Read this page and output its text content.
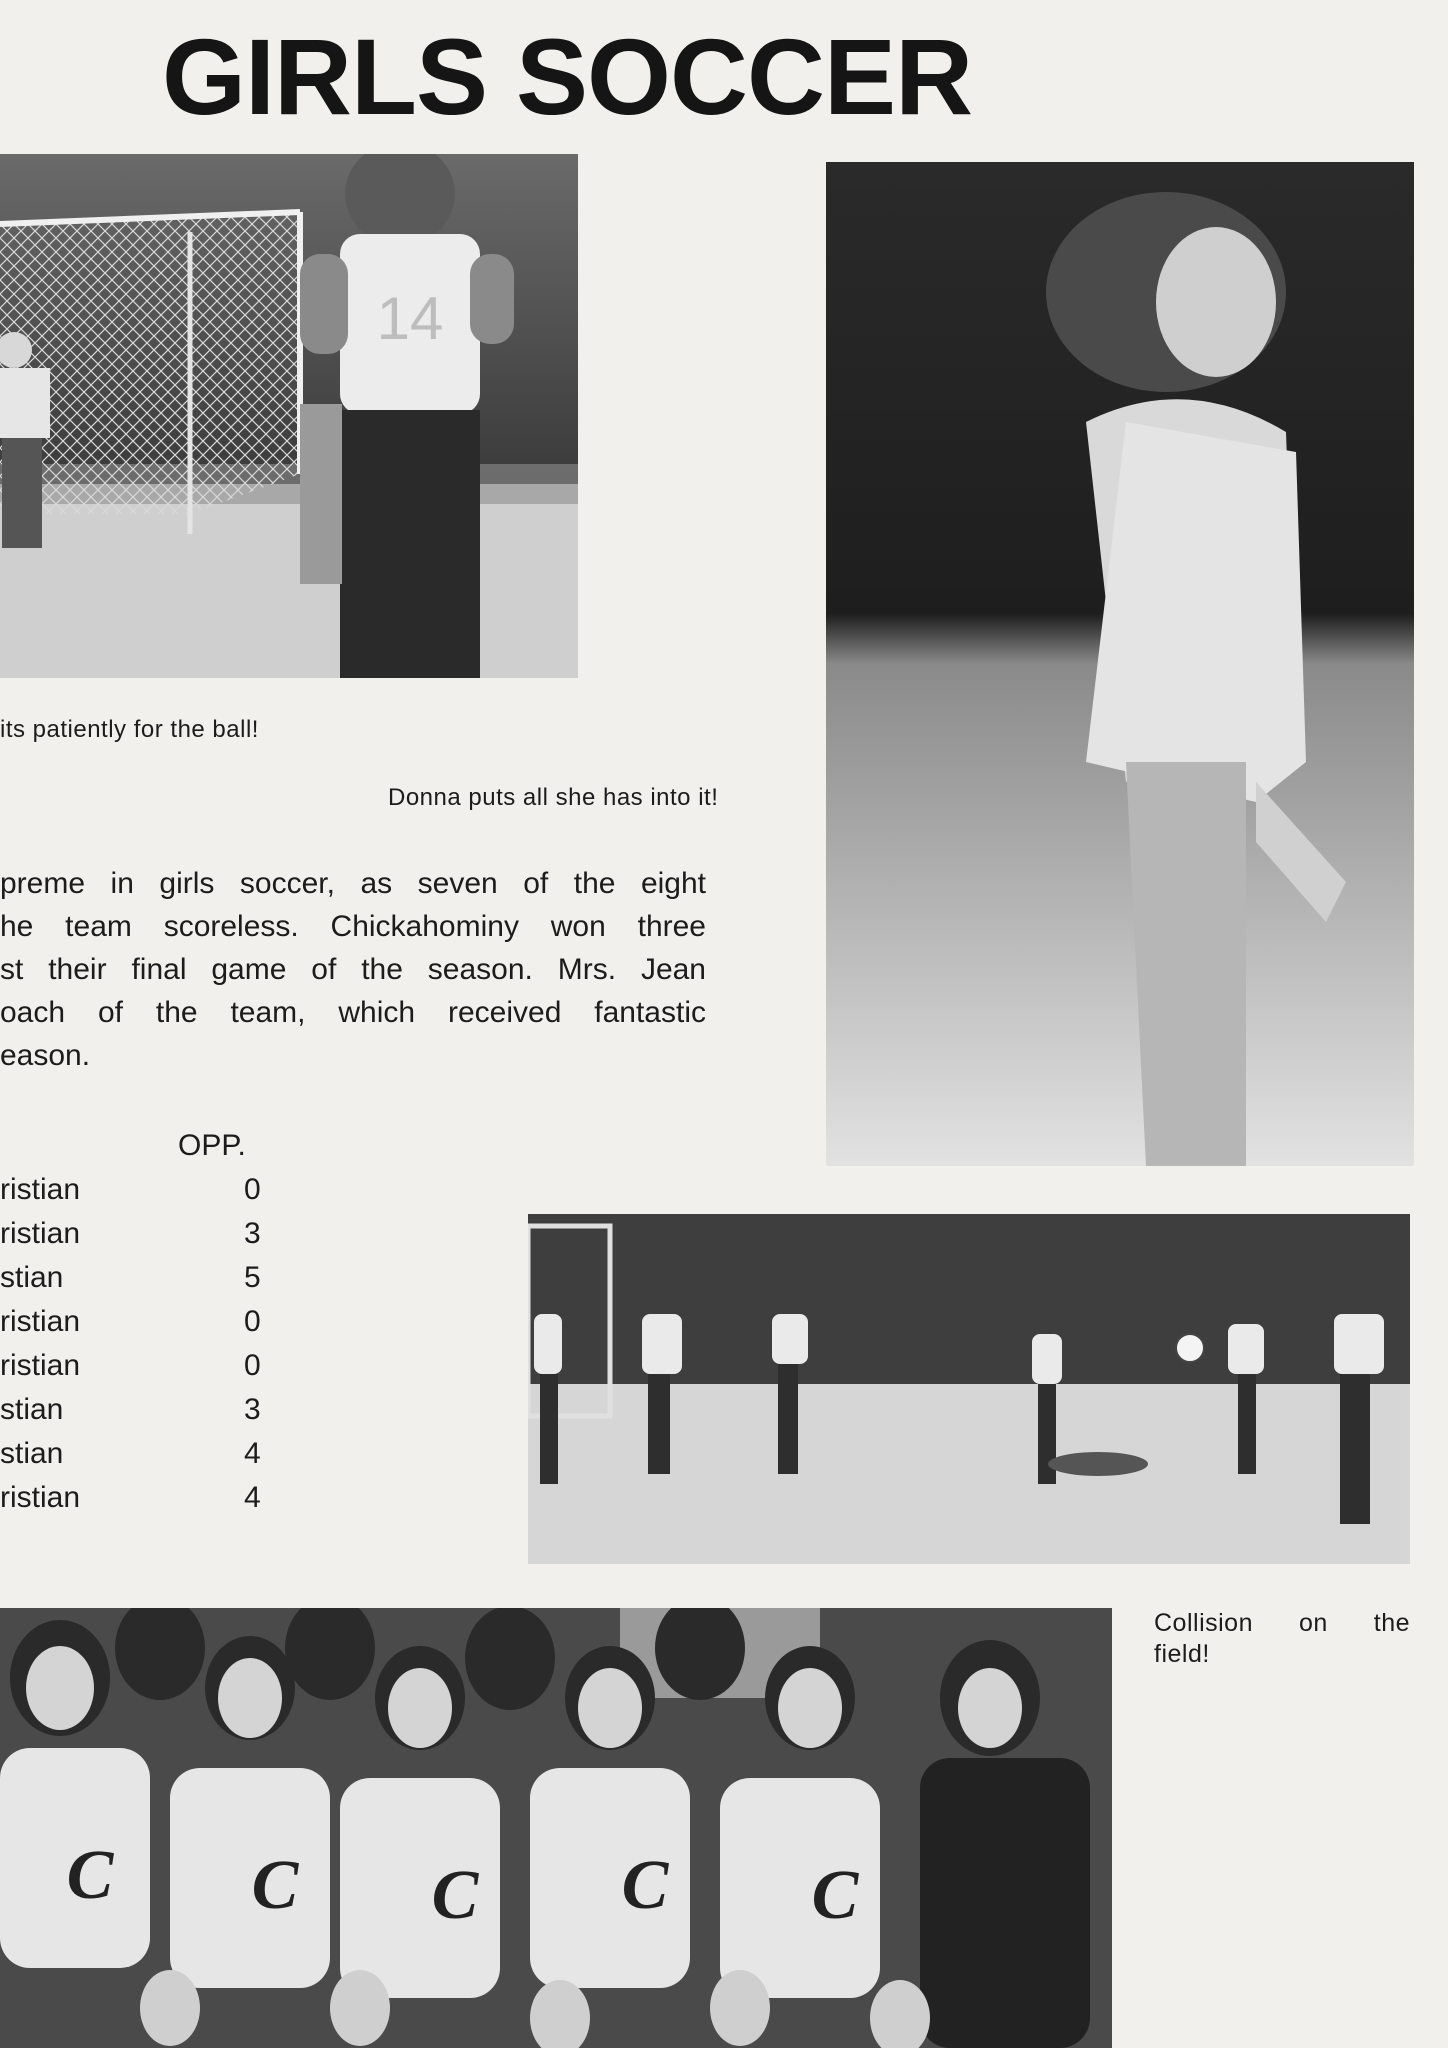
GIRLS SOCCER
14
C C C C C
its patiently for the ball!
Donna puts all she has into it!
Collision on the field!

preme in girls soccer, as seven of the eight
he team scoreless. Chickahominy won three
st their final game of the season. Mrs. Jean
oach of the team, which received fantastic
eason.

OPP.
ristian	0
ristian	3
stian	5
ristian	0
ristian	0
stian	3
stian	4
ristian	4
